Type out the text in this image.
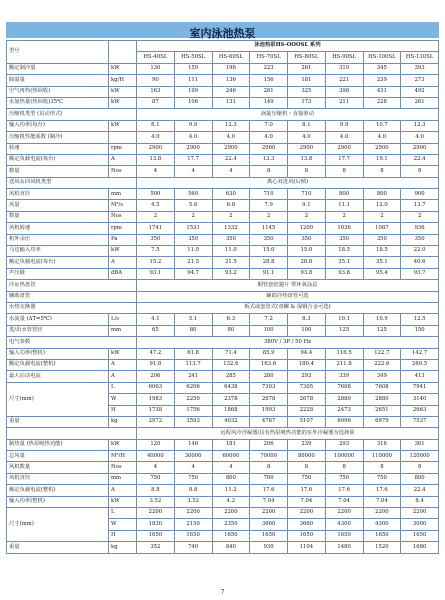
室内泳池热泵
型号		泳池热泵HS-OOOSL 系列							
		HS-40SL	HS-50SL	HS-60SL	HS-70SL	HS-80SL	HS-90SL	HS-100SL	HS-110SL
额定制冷量	kW	130	159	196	223	261	319	345	393
除湿量	kg/H	90	111	136	156	181	221	239	273
空气再热(热回收)	kW	163	199	246	281	325	398	431	492
水加热量(热回收)35℃	kW	87	106	131	149	173	211	228	261
压缩机类型 (启动形式)		涡旋压缩机・直接驱动							
输入功率(每台)	kW	8.1	9.9	12.3	7.0	8.1	9.9	10.7	12.3
压缩机性能系数 (制冷)		4.0	4.0	4.0	4.0	4.0	4.0	4.0	4.0
转速	rpm	2900	2900	2900	2900	2900	2900	2900	2900
额定负载电流(每台)	A	13.8	17.7	22.4	13.3	13.8	17.7	19.1	22.4
数量	Nos	4	4	4	8	8	8	8	8
送风＆回风机类型		离心双进风(后倾)							
风机直径	mm	500	560	630	710	710	800	800	900
风量	M³/s	4.5	5.6	6.8	7.9	9.1	11.1	12.0	13.7
数量	Nos	2	2	2	2	2	2	2	2
风机转速	rpm	1741	1531	1332	1145	1200	1036	1087	936
机外余压	Pa	350	350	350	350	350	350	350	350
马达输入功率	kW	7.5	11.0	11.0	15.0	15.0	18.5	18.5	22.0
额定负载电流(每台)	A	15.2	21.5	21.5	28.8	28.8	35.1	35.1	40.6
声压级	dBA	93.1	94.7	93.2	91.1	93.8	93.8	95.4	93.7
冷＆热盘管		铜管套铝翅片 带环氧涂层							
辅助盘管		辅助冷热盘管可选							
水热交换器		板式或套管式(双螺 & 保钢合金可选)							
水流量 (ΔT=5℃)	L/s	4.1	5.1	6.3	7.2	8.3	10.1	10.9	12.5
进/出水管管径	mm	65	80	80	100	100	125	125	150
电气参数		380V / 3P / 50 Hz							
输入功率(整机)	kW	47.2	61.8	71.4	85.9	94.4	116.5	122.7	142.7
额定负载电流(整机)	A	91.8	113.7	132.6	163.6	180.4	211.8	222.6	260.5
最大启动电流	A	206	241	285	280	293	339	349	413
尺寸(mm)	L	6063	6206	6438	7303	7305	7608	7608	7941
	W	1983	2250	2378	2678	2678	2880	2880	3140
	H	1738	1756	1868	1993	2228	2473	2651	2663
重量	kg	2972	3593	4032	4787	5107	6096	6979	7537
		远程风冷冷凝器/具有热泵吸热功能的室外冷凝器为选择项							
制热量 (热泵吸热功能)	kW	120	146	181	206	239	293	316	361
总风量	M³/H	40000	30000	60000	70000	80000	100000	110000	120000
风机数量	Nos	4	4	4	8	8	8	8	8
风机直径	mm	750	750	800	700	750	750	750	800
额定负载电流(整机)	A	8.8	8.8	11.2	17.6	17.6	17.6	17.6	22.4
输入功率(整机)	kW	3.52	3.52	4.2	7.04	7.04	7.04	7.04	8.4
尺寸(mm)	L	2200	2200	2200	2200	2200	2200	2200	2200
	W	1830	2150	2350	3660	3660	4300	4300	3000
	H	1650	1650	1650	1650	1650	1650	1650	1650
重量	kg	352	740	840	930	1104	1480	1520	1680
7
